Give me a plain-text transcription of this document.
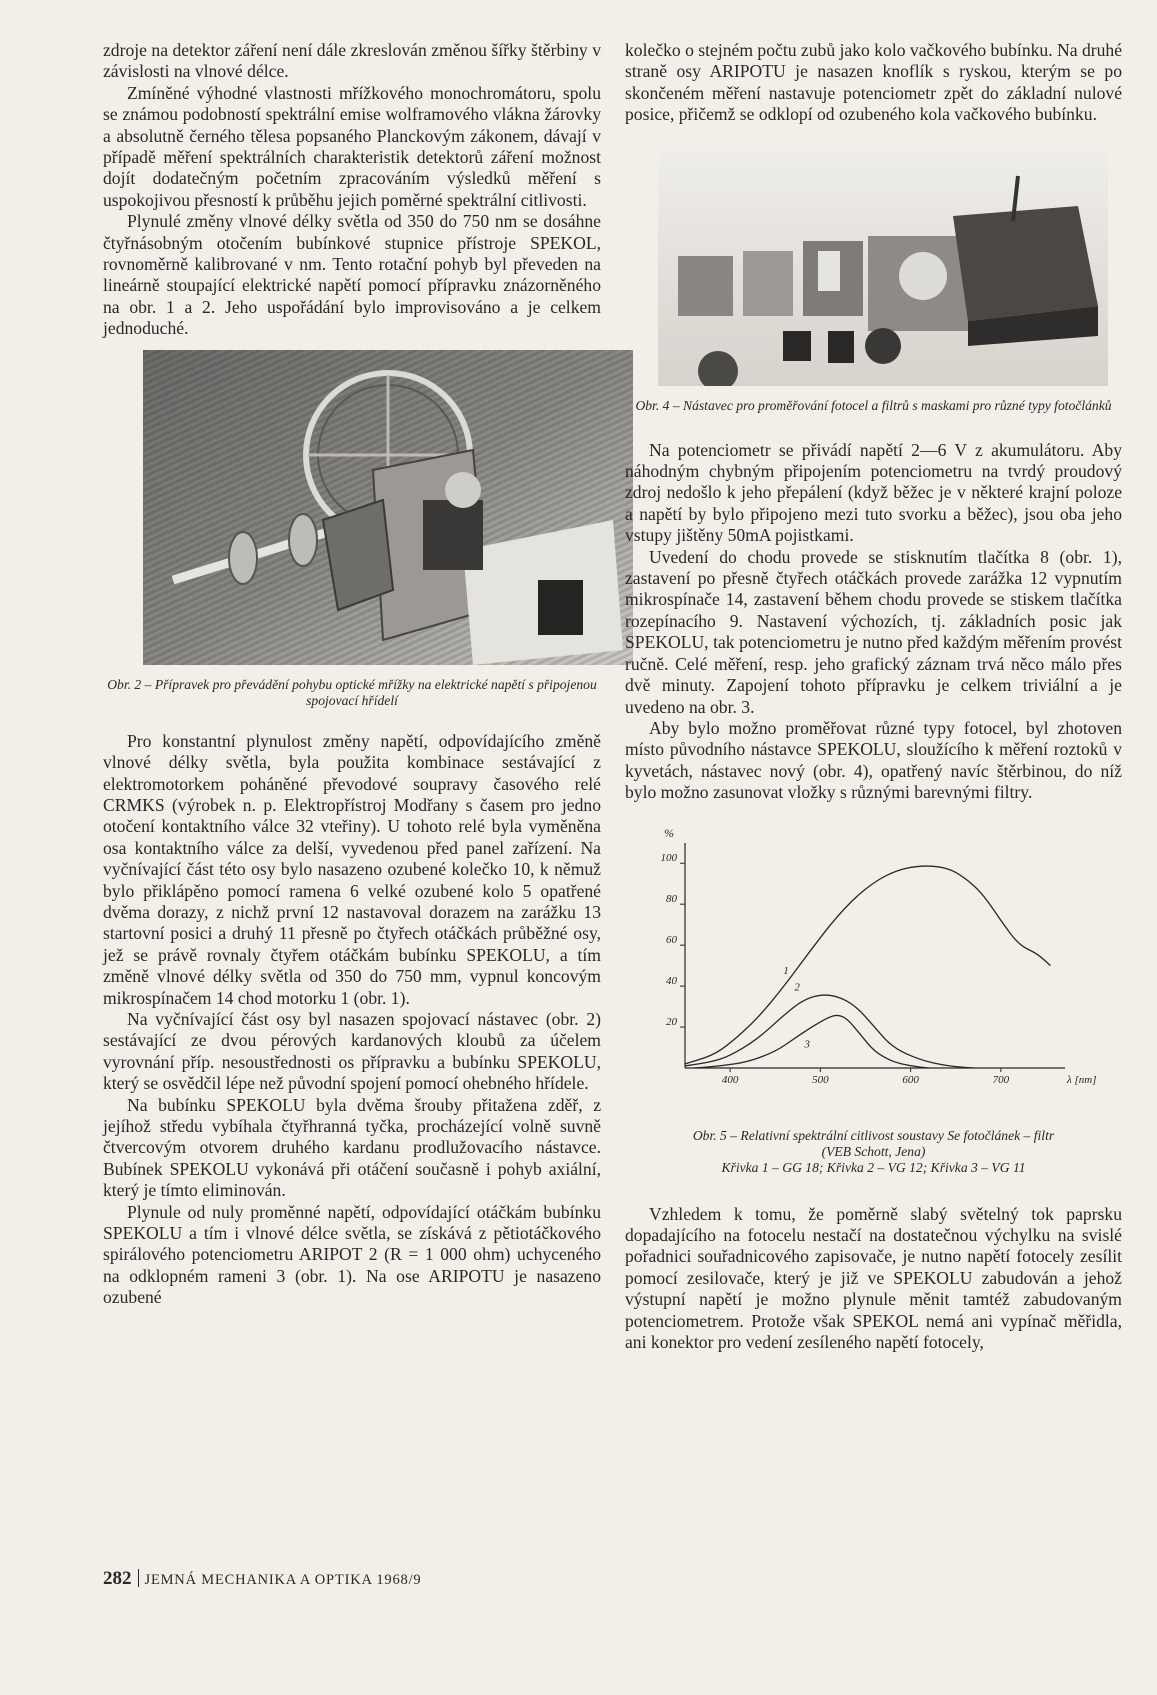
zdroje na detektor záření není dále zkreslován změnou šířky štěrbiny v závislosti na vlnové délce.

Zmíněné výhodné vlastnosti mřížkového monochromátoru, spolu se známou podobností spektrální emise wolframového vlákna žárovky a absolutně černého tělesa popsaného Planckovým zákonem, dávají v případě měření spektrálních charakteristik detektorů záření možnost dojít dodatečným početním zpracováním výsledků měření s uspokojivou přesností k průběhu jejich poměrné spektrální citlivosti.

Plynulé změny vlnové délky světla od 350 do 750 nm se dosáhne čtyřnásobným otočením bubínkové stupnice přístroje SPEKOL, rovnoměrně kalibrované v nm. Tento rotační pohyb byl převeden na lineárně stoupající elektrické napětí pomocí přípravku znázorněného na obr. 1 a 2. Jeho uspořádání bylo improvisováno a je celkem jednoduché.

Obr. 2 – Přípravek pro převádění pohybu optické mřížky na elektrické napětí s připojenou spojovací hřídelí

Pro konstantní plynulost změny napětí, odpovídajícího změně vlnové délky světla, byla použita kombinace sestávající z elektromotorkem poháněné převodové soupravy časového relé CRMKS (výrobek n. p. Elektropřístroj Modřany s časem pro jedno otočení kontaktního válce 32 vteřiny). U tohoto relé byla vyměněna osa kontaktního válce za delší, vyvedenou před panel zařízení. Na vyčnívající část této osy bylo nasazeno ozubené kolečko 10, k němuž bylo přiklápěno pomocí ramena 6 velké ozubené kolo 5 opatřené dvěma dorazy, z nichž první 12 nastavoval dorazem na zarážku 13 startovní posici a druhý 11 přesně po čtyřech otáčkách průběžné osy, jež se právě rovnaly čtyřem otáčkám bubínku SPEKOLU, a tím změně vlnové délky světla od 350 do 750 mm, vypnul koncovým mikrospínačem 14 chod motorku 1 (obr. 1).

Na vyčnívající část osy byl nasazen spojovací nástavec (obr. 2) sestávající ze dvou pérových kardanových kloubů za účelem vyrovnání příp. nesoustřednosti os přípravku a bubínku SPEKOLU, který se osvědčil lépe než původní spojení pomocí ohebného hřídele.

Na bubínku SPEKOLU byla dvěma šrouby přitažena zděř, z jejíhož středu vybíhala čtyřhranná tyčka, procházející volně suvně čtvercovým otvorem druhého kardanu prodlužovacího nástavce. Bubínek SPEKOLU vykonává při otáčení současně i pohyb axiální, který je tímto eliminován.

Plynule od nuly proměnné napětí, odpovídající otáčkám bubínku SPEKOLU a tím i vlnové délce světla, se získává z pětiotáčkového spirálového potenciometru ARIPOT 2 (R = 1 000 ohm) uchyceného na odklopném rameni 3 (obr. 1). Na ose ARIPOTU je nasazeno ozubené

kolečko o stejném počtu zubů jako kolo vačkového bubínku. Na druhé straně osy ARIPOTU je nasazen knoflík s ryskou, kterým se po skončeném měření nastavuje potenciometr zpět do základní nulové posice, přičemž se odklopí od ozubeného kola vačkového bubínku.

Obr. 4 – Nástavec pro proměřování fotocel a filtrů s maskami pro různé typy fotočlánků

Na potenciometr se přivádí napětí 2—6 V z akumulátoru. Aby náhodným chybným připojením potenciometru na tvrdý proudový zdroj nedošlo k jeho přepálení (když běžec je v některé krajní poloze a napětí by bylo připojeno mezi tuto svorku a běžec), jsou oba jeho vstupy jištěny 50mA pojistkami.

Uvedení do chodu provede se stisknutím tlačítka 8 (obr. 1), zastavení po přesně čtyřech otáčkách provede zarážka 12 vypnutím mikrospínače 14, zastavení během chodu provede se stiskem tlačítka rozepínacího 9. Nastavení výchozích, tj. základních posic jak SPEKOLU, tak potenciometru je nutno před každým měřením provést ručně. Celé měření, resp. jeho grafický záznam trvá něco málo přes dvě minuty. Zapojení tohoto přípravku je celkem triviální a je uvedeno na obr. 3.

Aby bylo možno proměřovat různé typy fotocel, byl zhotoven místo původního nástavce SPEKOLU, sloužícího k měření roztoků v kyvetách, nástavec nový (obr. 4), opatřený navíc štěrbinou, do níž bylo možno zasunovat vložky s různými barevnými filtry.

20
40
60
80
100
400	500	600	700
%
λ [nm]
1
2
3
Obr. 5 – Relativní spektrální citlivost soustavy Se fotočlánek – filtr
(VEB Schott, Jena)
Křivka 1 – GG 18; Křivka 2 – VG 12; Křivka 3 – VG 11

Vzhledem k tomu, že poměrně slabý světelný tok paprsku dopadajícího na fotocelu nestačí na dostatečnou výchylku na svislé pořadnici souřadnicového zapisovače, je nutno napětí fotocely zesílit pomocí zesilovače, který je již ve SPEKOLU zabudován a jehož výstupní napětí je možno plynule měnit tamtéž zabudovaným potenciometrem. Protože však SPEKOL nemá ani vypínač měřidla, ani konektor pro vedení zesíleného napětí fotocely,

282 JEMNÁ MECHANIKA A OPTIKA 1968/9
